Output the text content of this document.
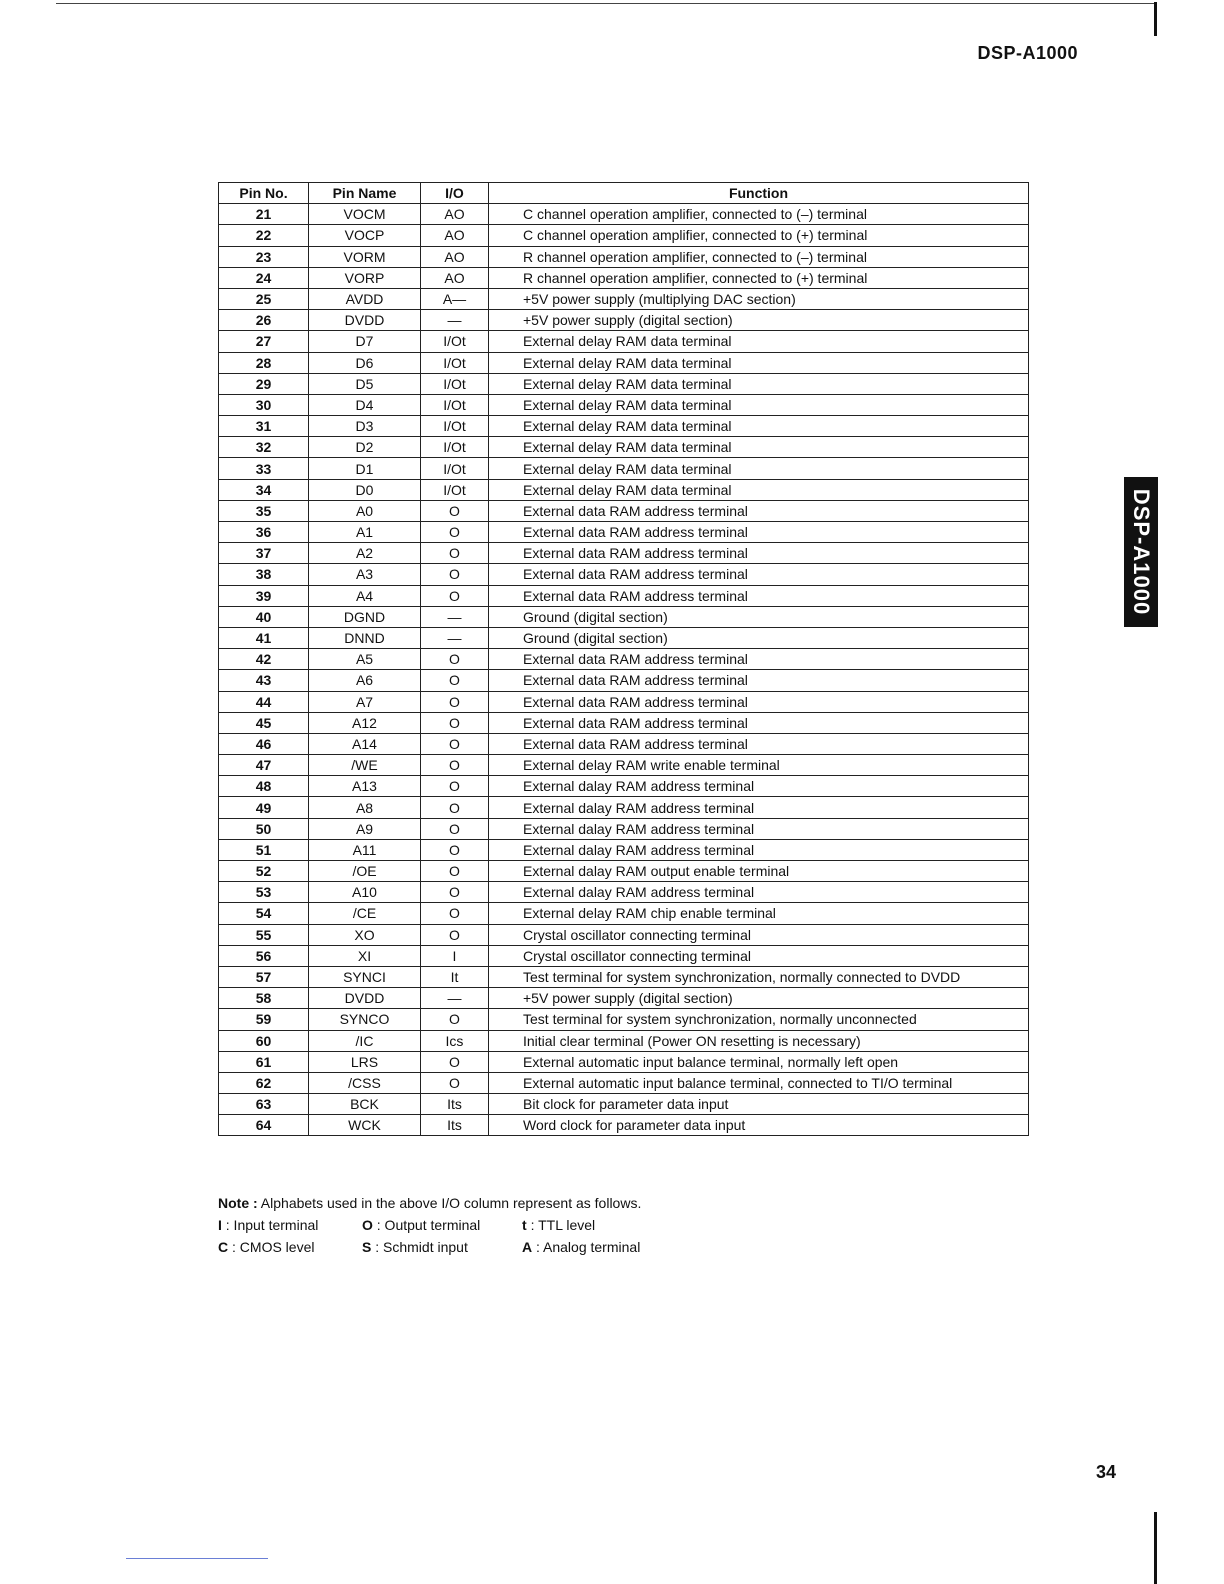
DSP-A1000
DSP-A1000
Pin No.	Pin Name	I/O	Function
21	VOCM	AO	C channel operation amplifier, connected to (–) terminal
22	VOCP	AO	C channel operation amplifier, connected to (+) terminal
23	VORM	AO	R channel operation amplifier, connected to (–) terminal
24	VORP	AO	R channel operation amplifier, connected to (+) terminal
25	AVDD	A—	+5V power supply (multiplying DAC section)
26	DVDD	—	+5V power supply (digital section)
27	D7	I/Ot	External delay RAM data terminal
28	D6	I/Ot	External delay RAM data terminal
29	D5	I/Ot	External delay RAM data terminal
30	D4	I/Ot	External delay RAM data terminal
31	D3	I/Ot	External delay RAM data terminal
32	D2	I/Ot	External delay RAM data terminal
33	D1	I/Ot	External delay RAM data terminal
34	D0	I/Ot	External delay RAM data terminal
35	A0	O	External data RAM address terminal
36	A1	O	External data RAM address terminal
37	A2	O	External data RAM address terminal
38	A3	O	External data RAM address terminal
39	A4	O	External data RAM address terminal
40	DGND	—	Ground (digital section)
41	DNND	—	Ground (digital section)
42	A5	O	External data RAM address terminal
43	A6	O	External data RAM address terminal
44	A7	O	External data RAM address terminal
45	A12	O	External data RAM address terminal
46	A14	O	External data RAM address terminal
47	/WE	O	External delay RAM write enable terminal
48	A13	O	External dalay RAM address terminal
49	A8	O	External dalay RAM address terminal
50	A9	O	External dalay RAM address terminal
51	A11	O	External dalay RAM address terminal
52	/OE	O	External dalay RAM output enable terminal
53	A10	O	External dalay RAM address terminal
54	/CE	O	External delay RAM chip enable terminal
55	XO	O	Crystal oscillator connecting terminal
56	XI	I	Crystal oscillator connecting terminal
57	SYNCI	It	Test terminal for system synchronization, normally connected to DVDD
58	DVDD	—	+5V power supply (digital section)
59	SYNCO	O	Test terminal for system synchronization, normally unconnected
60	/IC	Ics	Initial clear terminal (Power ON resetting is necessary)
61	LRS	O	External automatic input balance terminal, normally left open
62	/CSS	O	External automatic input balance terminal, connected to TI/O terminal
63	BCK	Its	Bit clock for parameter data input
64	WCK	Its	Word clock for parameter data input
Note : Alphabets used in the above I/O column represent as follows.
I : Input terminal	O : Output terminal	t : TTL level
C : CMOS level	S : Schmidt input	A : Analog terminal
34
